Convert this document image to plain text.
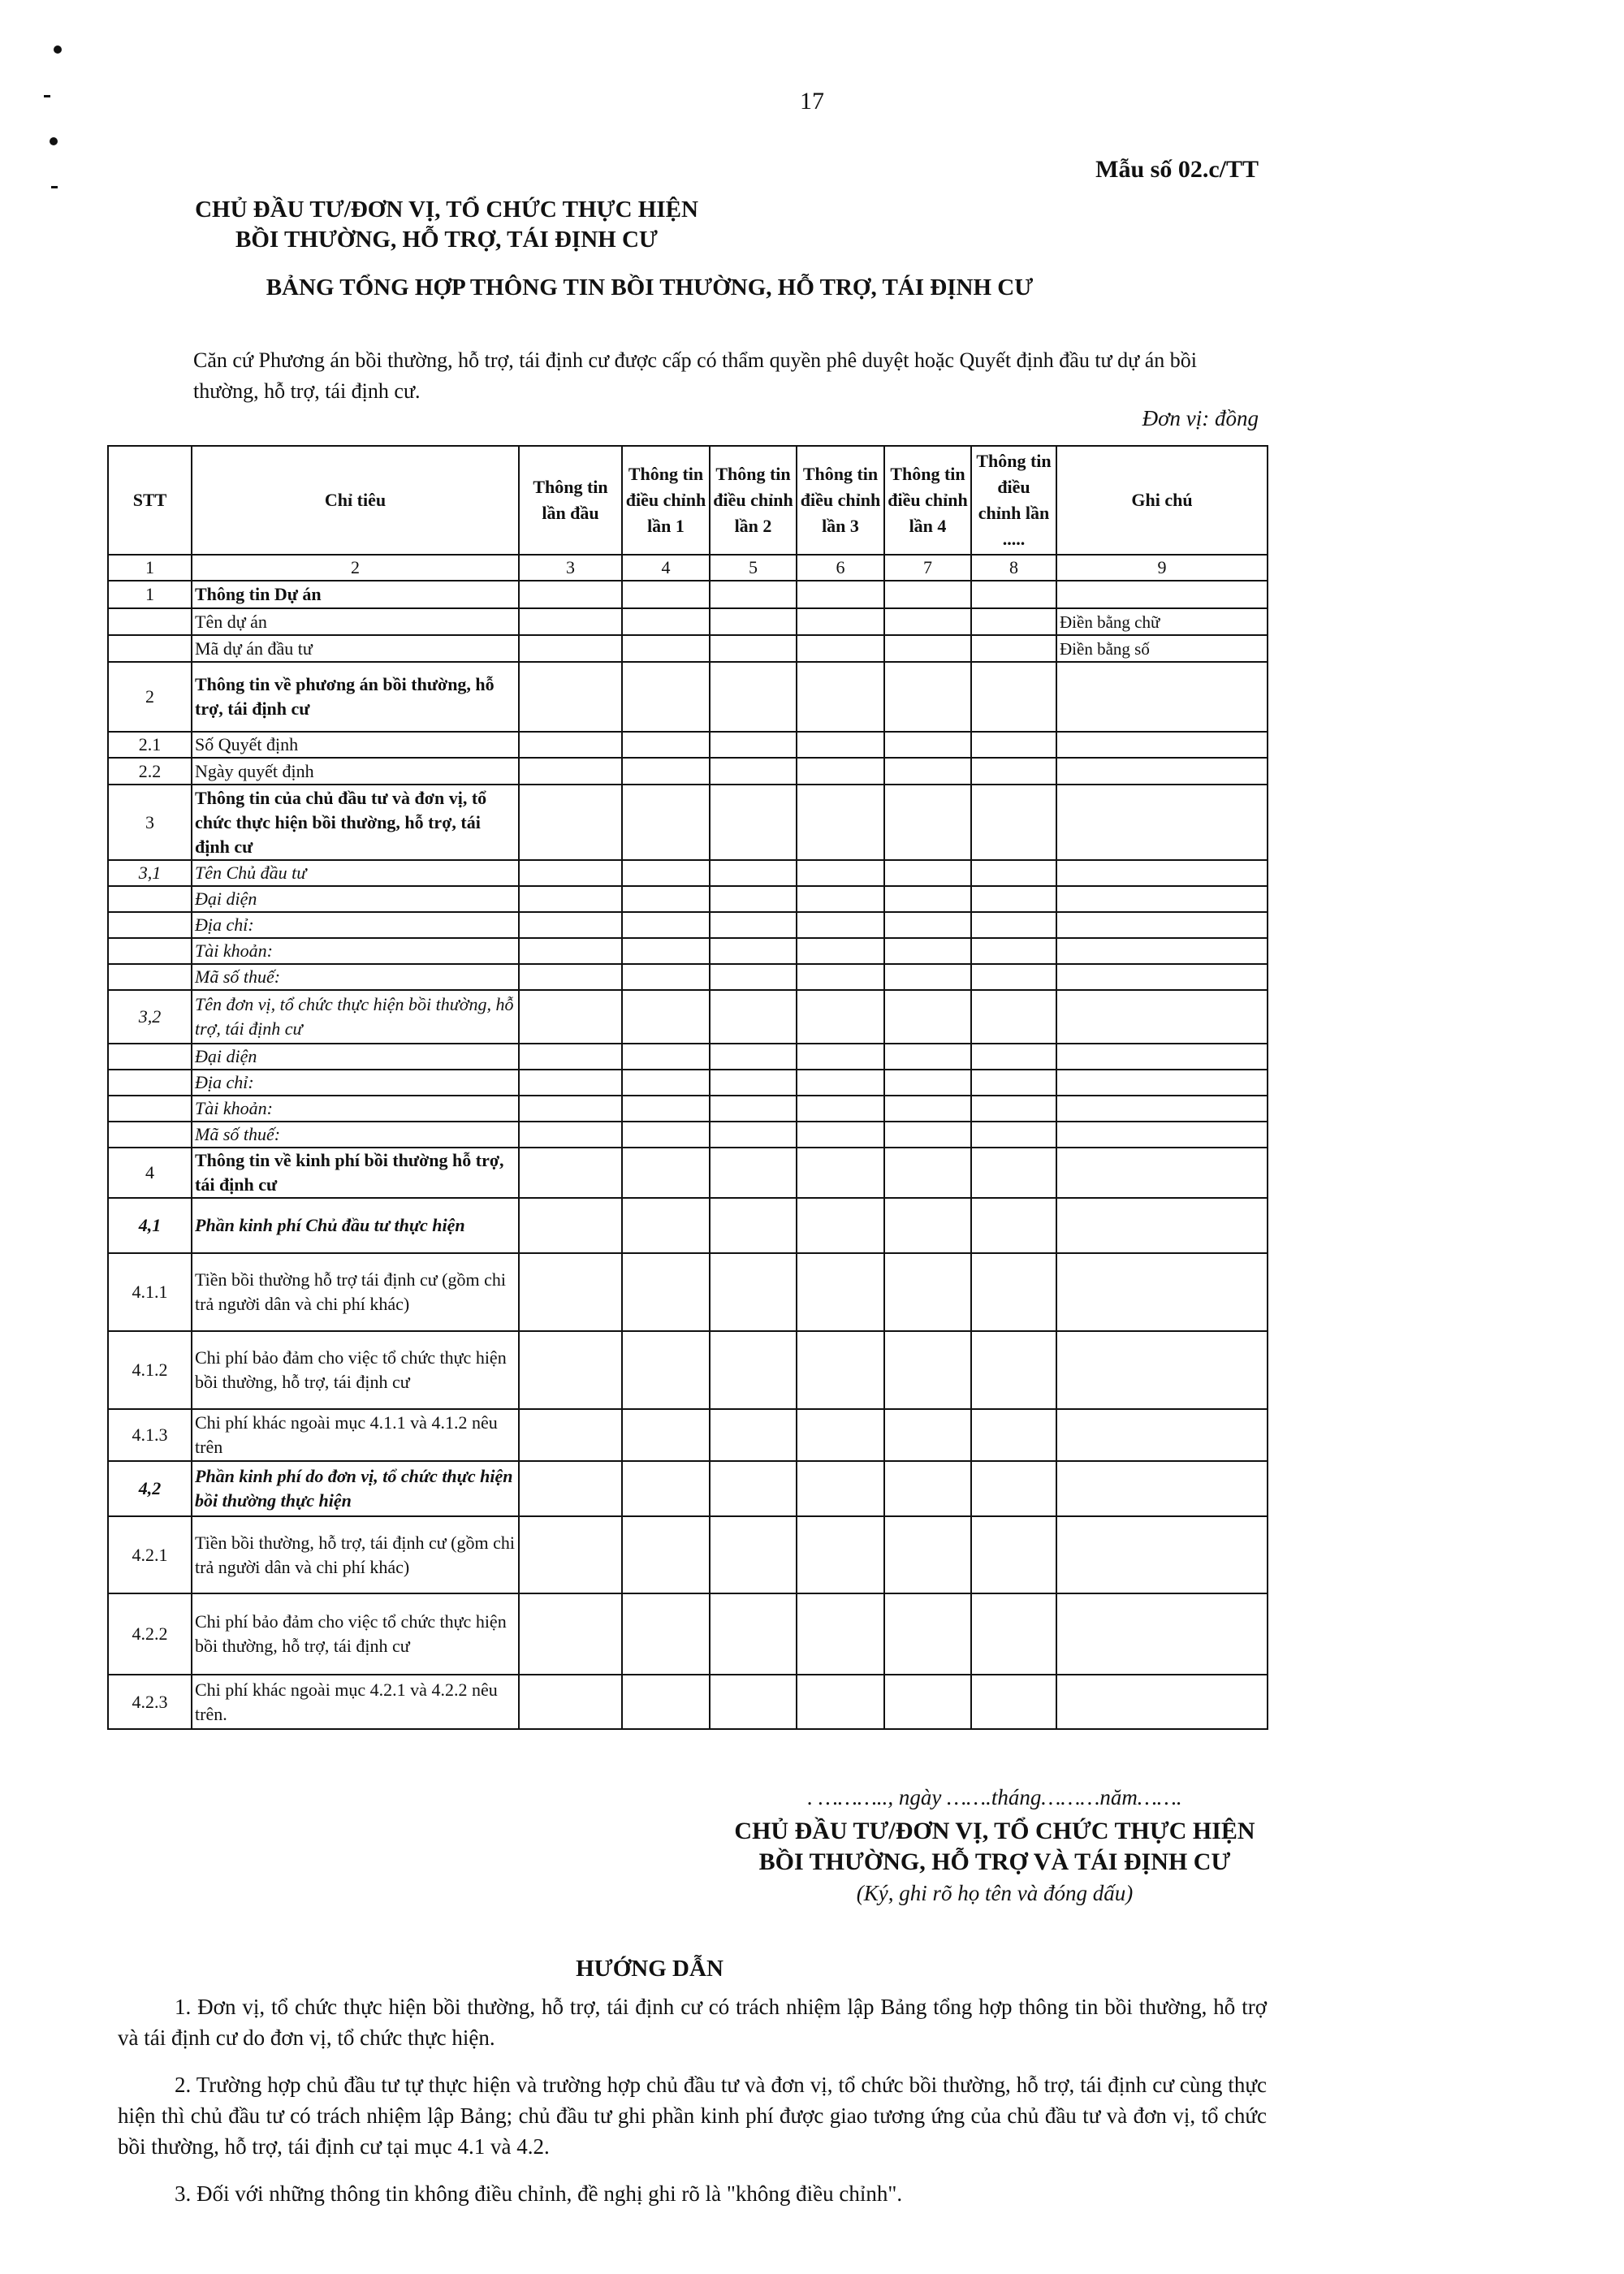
17
Mẫu số 02.c/TT
CHỦ ĐẦU TƯ/ĐƠN VỊ, TỔ CHỨC THỰC HIỆN
BỒI THƯỜNG, HỖ TRỢ, TÁI ĐỊNH CƯ
BẢNG TỔNG HỢP THÔNG TIN BỒI THƯỜNG, HỖ TRỢ, TÁI ĐỊNH CƯ
Căn cứ Phương án bồi thường, hỗ trợ, tái định cư được cấp có thẩm quyền phê duyệt hoặc Quyết định đầu tư dự án bồi thường, hỗ trợ, tái định cư.
Đơn vị: đồng
STT	Chỉ tiêu	Thông tin lần đầu	Thông tin điều chỉnh lần 1	Thông tin điều chỉnh lần 2	Thông tin điều chỉnh lần 3	Thông tin điều chỉnh lần 4	Thông tin điều chỉnh lần .....	Ghi chú
1	2	3	4	5	6	7	8	9
1	Thông tin Dự án							
	Tên dự án							Điền bằng chữ
	Mã dự án đầu tư							Điền bằng số
2	Thông tin về phương án bồi thường, hỗ trợ, tái định cư							
2.1	Số Quyết định							
2.2	Ngày quyết định							
3	Thông tin của chủ đầu tư và đơn vị, tổ chức thực hiện bồi thường, hỗ trợ, tái định cư							
3,1	Tên Chủ đầu tư							
	Đại diện							
	Địa chỉ:							
	Tài khoản:							
	Mã số thuế:							
3,2	Tên đơn vị, tổ chức thực hiện bồi thường, hỗ trợ, tái định cư							
	Đại diện							
	Địa chỉ:							
	Tài khoản:							
	Mã số thuế:							
4	Thông tin về kinh phí bồi thường hỗ trợ, tái định cư							
4,1	Phần kinh phí Chủ đầu tư thực hiện							
4.1.1	Tiền bồi thường hỗ trợ tái định cư (gồm chi trả người dân và chi phí khác)							
4.1.2	Chi phí bảo đảm cho việc tổ chức thực hiện bồi thường, hỗ trợ, tái định cư							
4.1.3	Chi phí khác ngoài mục 4.1.1 và 4.1.2 nêu trên							
4,2	Phần kinh phí do đơn vị, tổ chức thực hiện bồi thường thực hiện							
4.2.1	Tiền bồi thường, hỗ trợ, tái định cư (gồm chi trả người dân và chi phí khác)							
4.2.2	Chi phí bảo đảm cho việc tổ chức thực hiện bồi thường, hỗ trợ, tái định cư							
4.2.3	Chi phí khác ngoài mục 4.2.1 và 4.2.2 nêu trên.							
. ……….., ngày …….tháng………năm…….
CHỦ ĐẦU TƯ/ĐƠN VỊ, TỔ CHỨC THỰC HIỆN
BỒI THƯỜNG, HỖ TRỢ VÀ TÁI ĐỊNH CƯ
(Ký, ghi rõ họ tên và đóng dấu)
HƯỚNG DẪN

1. Đơn vị, tổ chức thực hiện bồi thường, hỗ trợ, tái định cư có trách nhiệm lập Bảng tổng hợp thông tin bồi thường, hỗ trợ và tái định cư do đơn vị, tổ chức thực hiện.

2. Trường hợp chủ đầu tư tự thực hiện và trường hợp chủ đầu tư và đơn vị, tổ chức bồi thường, hỗ trợ, tái định cư cùng thực hiện thì chủ đầu tư có trách nhiệm lập Bảng; chủ đầu tư ghi phần kinh phí được giao tương ứng của chủ đầu tư và đơn vị, tổ chức bồi thường, hỗ trợ, tái định cư tại mục 4.1 và 4.2.

3. Đối với những thông tin không điều chỉnh, đề nghị ghi rõ là "không điều chỉnh".
